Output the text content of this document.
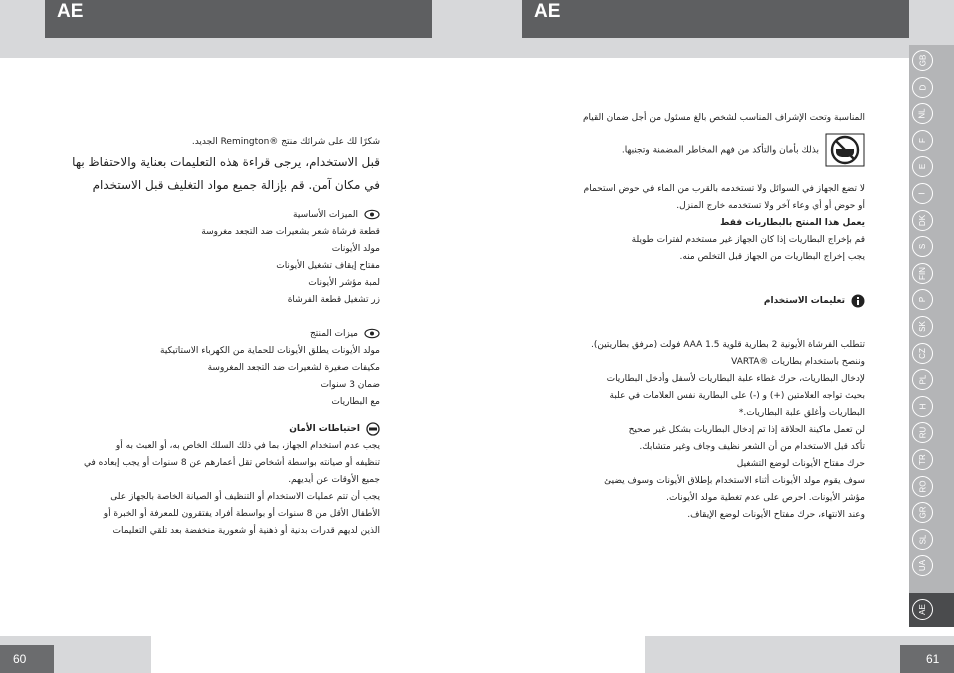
AE	AE

شكرًا لك على شرائك منتج ®Remington الجديد.

قبل الاستخدام، يرجى قراءة هذه التعليمات بعناية والاحتفاظ بها

في مكان آمن. قم بإزالة جميع مواد التغليف قبل الاستخدام

الميزات الأساسية

قطعة فرشاة شعر بشعيرات ضد التجعد مغروسة

مولد الأيونات

مفتاح إيقاف تشغيل الأيونات

لمبة مؤشر الأيونات

زر تشغيل قطعة الفرشاة

ميزات المنتج

مولد الأيونات يطلق الأيونات للحماية من الكهرباء الاستاتيكية

مكيفات صغيرة لشعيرات ضد التجعد المغروسة

ضمان 3 سنوات

مع البطاريات

احتياطات الأمان

يجب عدم استخدام الجهاز، بما في ذلك السلك الخاص به، أو العبث به أو

تنظيفه أو صيانته بواسطة أشخاص تقل أعمارهم عن 8 سنوات أو يجب إبعاده في

جميع الأوقات عن أيديهم.

يجب أن تتم عمليات الاستخدام أو التنظيف أو الصيانة الخاصة بالجهاز على

الأطفال الأقل من 8 سنوات أو بواسطة أفراد يفتقرون للمعرفة أو الخبرة أو

الذين لديهم قدرات بدنية أو ذهنية أو شعورية منخفضة بعد تلقي التعليمات

المناسبة وتحت الإشراف المناسب لشخص بالغ مسئول من أجل ضمان القيام

بذلك بأمان والتأكد من فهم المخاطر المضمنة وتجنبها.

لا تضع الجهاز في السوائل ولا تستخدمه بالقرب من الماء في حوض استحمام

أو حوض أو أي وعاء آخر ولا تستخدمه خارج المنزل.

يعمل هذا المنتج بالبطاريات فقط

قم بإخراج البطاريات إذا كان الجهاز غير مستخدم لفترات طويلة

يجب إخراج البطاريات من الجهاز قبل التخلص منه.

تعليمات الاستخدام

تتطلب الفرشاة الأيونية 2 بطارية قلوية AAA 1.5 فولت (مرفق بطاريتين).

وننصح باستخدام بطاريات ®VARTA

لإدخال البطاريات، حرك غطاء علبة البطاريات لأسفل وأدخل البطاريات

بحيث تواجه العلامتين (+) و (-) على البطارية نفس العلامات في علبة

البطاريات وأغلق علبة البطاريات.*

لن تعمل ماكينة الحلاقة إذا تم إدخال البطاريات بشكل غير صحيح

تأكد قبل الاستخدام من أن الشعر نظيف وجاف وغير متشابك.

حرك مفتاح الأيونات لوضع التشغيل

سوف يقوم مولد الأيونات أثناء الاستخدام بإطلاق الأيونات وسوف يضيئ

مؤشر الأيونات. احرص على عدم تغطية مولد الأيونات.

وعند الانتهاء، حرك مفتاح الأيونات لوضع الإيقاف.

GB
D
NL
F
E
I
DK
S
FIN
P
SK
CZ
PL
H
RU
TR
RO
GR
SL
UA
AE
60	61
